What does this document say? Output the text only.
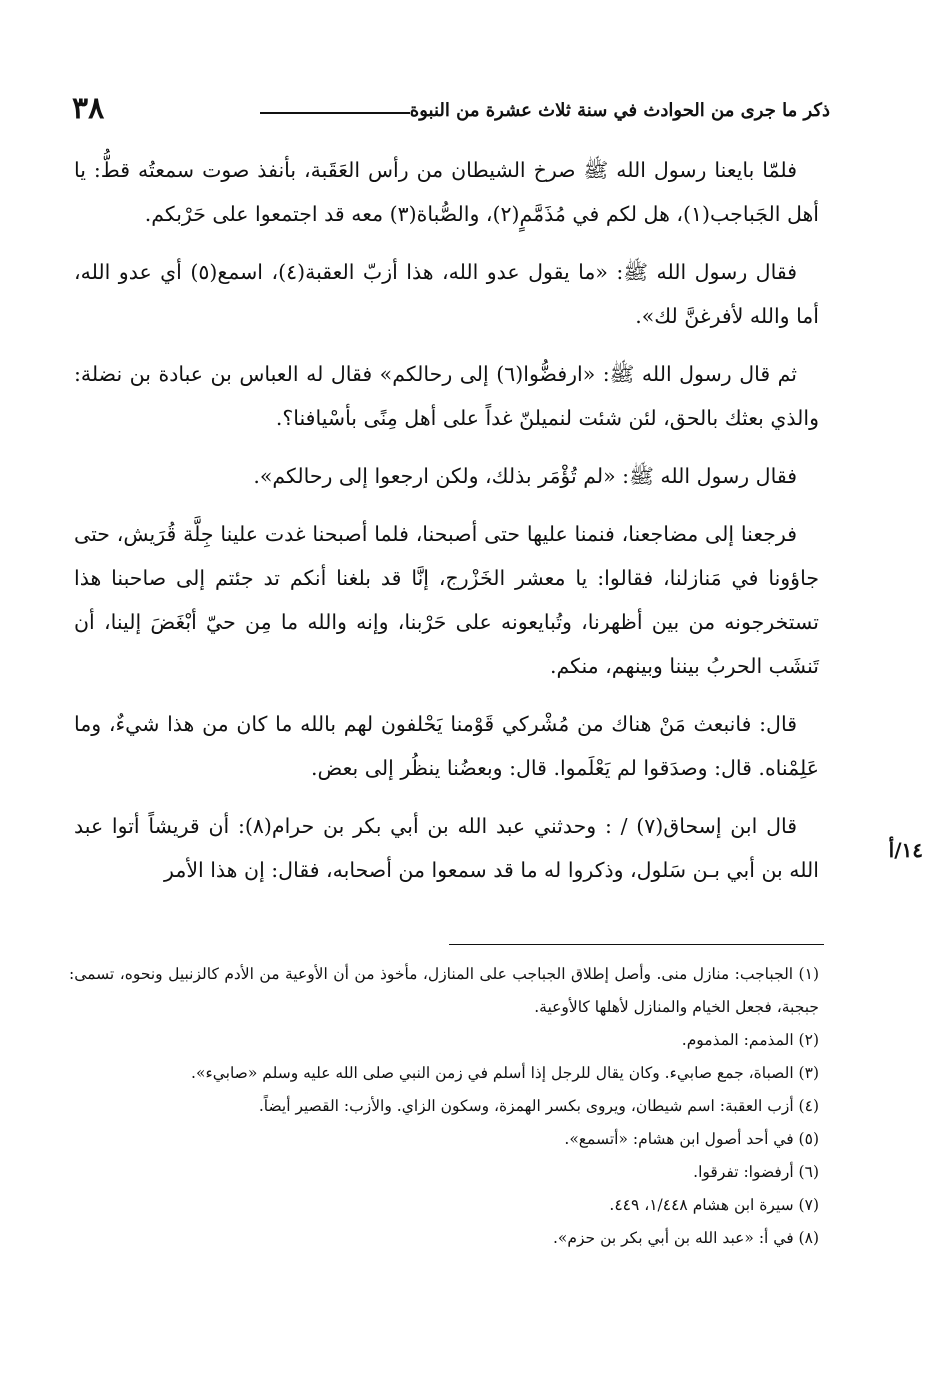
ذكر ما جرى من الحوادث في سنة ثلاث عشرة من النبوة
٣٨

فلمّا بايعنا رسول الله ﷺ صرخ الشيطان من رأس العَقَبة، بأنفذ صوت سمعتُه قطُّ: يا أهل الجَباجب(١)، هل لكم في مُذَمَّمٍ(٢)، والصُّباة(٣) معه قد اجتمعوا على حَرْبكم.

فقال رسول الله ﷺ: «ما يقول عدو الله، هذا أزبّ العقبة(٤)، اسمع(٥) أي عدو الله، أما والله لأفرغنَّ لك».

ثم قال رسول الله ﷺ: «ارفضُّوا(٦) إلى رحالكم» فقال له العباس بن عبادة بن نضلة: والذي بعثك بالحق، لئن شئت لنميلنّ غداً على أهل مِنًى بأسْيافنا؟.

فقال رسول الله ﷺ: «لم تُؤْمَر بذلك، ولكن ارجعوا إلى رحالكم».

فرجعنا إلى مضاجعنا، فنمنا عليها حتى أصبحنا، فلما أصبحنا غدت علينا جِلَّة قُرَيش، حتى جاؤونا في مَنازلنا، فقالوا: يا معشر الخَزْرج، إنَّا قد بلغنا أنكم تد جئتم إلى صاحبنا هذا تستخرجونه من بين أظهرنا، وتُبايعونه على حَرْبنا، وإنه والله ما مِن حيّ أبْغَضَ إلينا، أن تَنشَب الحربُ بيننا وبينهم، منكم.

قال: فانبعث مَنْ هناك من مُشْركي قَوْمنا يَحْلفون لهم بالله ما كان من هذا شيءٌ، وما عَلِمْناه. قال: وصدَقوا لم يَعْلَموا. قال: وبعضُنا ينظُر إلى بعض.

قال ابن إسحاق(٧) / : وحدثني عبد الله بن أبي بكر بن حرام(٨): أن قريشاً أتوا عبد الله بن أبي بـن سَلول، وذكروا له ما قد سمعوا من أصحابه، فقال: إن هذا الأمر

١٤/أ

(١) الجباجب: منازل منى. وأصل إطلاق الجباجب على المنازل، مأخوذ من أن الأوعية من الأدم كالزنبيل ونحوه، تسمى: جبجبة، فجعل الخيام والمنازل لأهلها كالأوعية.

(٢) المذمم: المذموم.

(٣) الصباة، جمع صابيء. وكان يقال للرجل إذا أسلم في زمن النبي صلى الله عليه وسلم «صابيء».

(٤) أزب العقبة: اسم شيطان، ويروى بكسر الهمزة، وسكون الزاي. والأزب: القصير أيضاً.

(٥) في أحد أصول ابن هشام: «أتسمع».

(٦) أرفضوا: تفرقوا.

(٧) سيرة ابن هشام ١/٤٤٨، ٤٤٩.

(٨) في أ: «عبد الله بن أبي بكر بن حزم».
